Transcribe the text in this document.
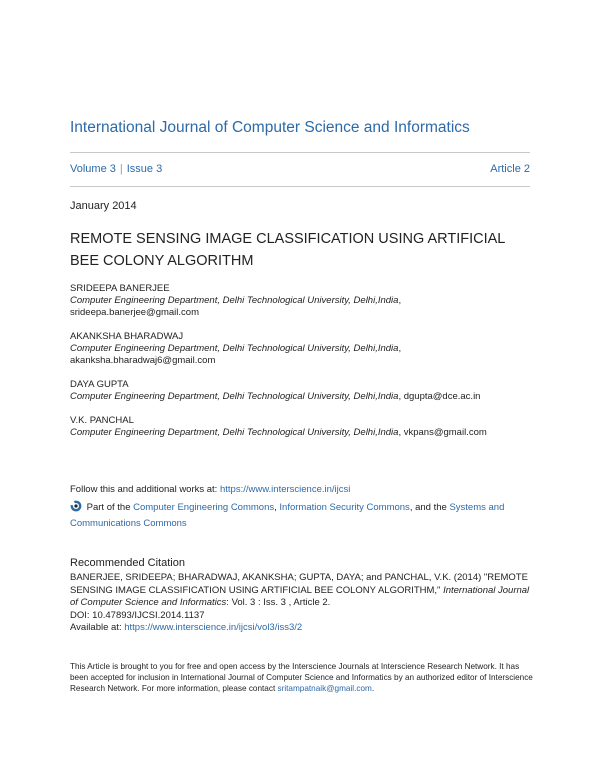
International Journal of Computer Science and Informatics
Volume 3 | Issue 3	Article 2
January 2014
REMOTE SENSING IMAGE CLASSIFICATION USING ARTIFICIAL BEE COLONY ALGORITHM
SRIDEEPA BANERJEE
Computer Engineering Department, Delhi Technological University, Delhi,India,
srideepa.banerjee@gmail.com
AKANKSHA BHARADWAJ
Computer Engineering Department, Delhi Technological University, Delhi,India,
akanksha.bharadwaj6@gmail.com
DAYA GUPTA
Computer Engineering Department, Delhi Technological University, Delhi,India, dgupta@dce.ac.in
V.K. PANCHAL
Computer Engineering Department, Delhi Technological University, Delhi,India, vkpans@gmail.com
Follow this and additional works at: https://www.interscience.in/ijcsi
Part of the Computer Engineering Commons, Information Security Commons, and the Systems and Communications Commons
Recommended Citation
BANERJEE, SRIDEEPA; BHARADWAJ, AKANKSHA; GUPTA, DAYA; and PANCHAL, V.K. (2014) "REMOTE SENSING IMAGE CLASSIFICATION USING ARTIFICIAL BEE COLONY ALGORITHM," International Journal of Computer Science and Informatics: Vol. 3 : Iss. 3 , Article 2.
DOI: 10.47893/IJCSI.2014.1137
Available at: https://www.interscience.in/ijcsi/vol3/iss3/2
This Article is brought to you for free and open access by the Interscience Journals at Interscience Research Network. It has been accepted for inclusion in International Journal of Computer Science and Informatics by an authorized editor of Interscience Research Network. For more information, please contact sritampatnaik@gmail.com.
